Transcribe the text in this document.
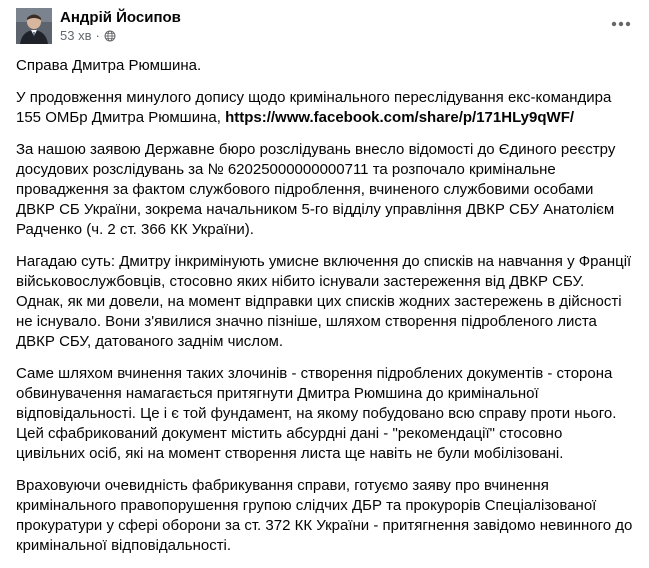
Андрій Йосипов
53 хв ·

Справа Дмитра Рюмшина.

У продовження минулого допису щодо кримінального переслідування екс-командира 155 ОМБр Дмитра Рюмшина, https://www.facebook.com/share/p/171HLy9qWF/

За нашою заявою Державне бюро розслідувань внесло відомості до Єдиного реєстру досудових розслідувань за № 62025000000000711 та розпочало кримінальне провадження за фактом службового підроблення, вчиненого службовими особами ДВКР СБ України, зокрема начальником 5-го відділу управління ДВКР СБУ Анатолієм Радченко (ч. 2 ст. 366 КК України).

Нагадаю суть: Дмитру інкримінують умисне включення до списків на навчання у Франції військовослужбовців, стосовно яких нібито існували застереження від ДВКР СБУ. Однак, як ми довели, на момент відправки цих списків жодних застережень в дійсності не існувало. Вони з'явилися значно пізніше, шляхом створення підробленого листа ДВКР СБУ, датованого заднім числом.

Саме шляхом вчинення таких злочинів - створення підроблених документів - сторона обвинувачення намагається притягнути Дмитра Рюмшина до кримінальної відповідальності. Це і є той фундамент, на якому побудовано всю справу проти нього. Цей сфабрикований документ містить абсурдні дані - "рекомендації" стосовно цивільних осіб, які на момент створення листа ще навіть не були мобілізовані.

Враховуючи очевидність фабрикування справи, готуємо заяву про вчинення кримінального правопорушення групою слідчих ДБР та прокурорів Спеціалізованої прокуратури у сфері оборони за ст. 372 КК України - притягнення завідомо невинного до кримінальної відповідальності.
